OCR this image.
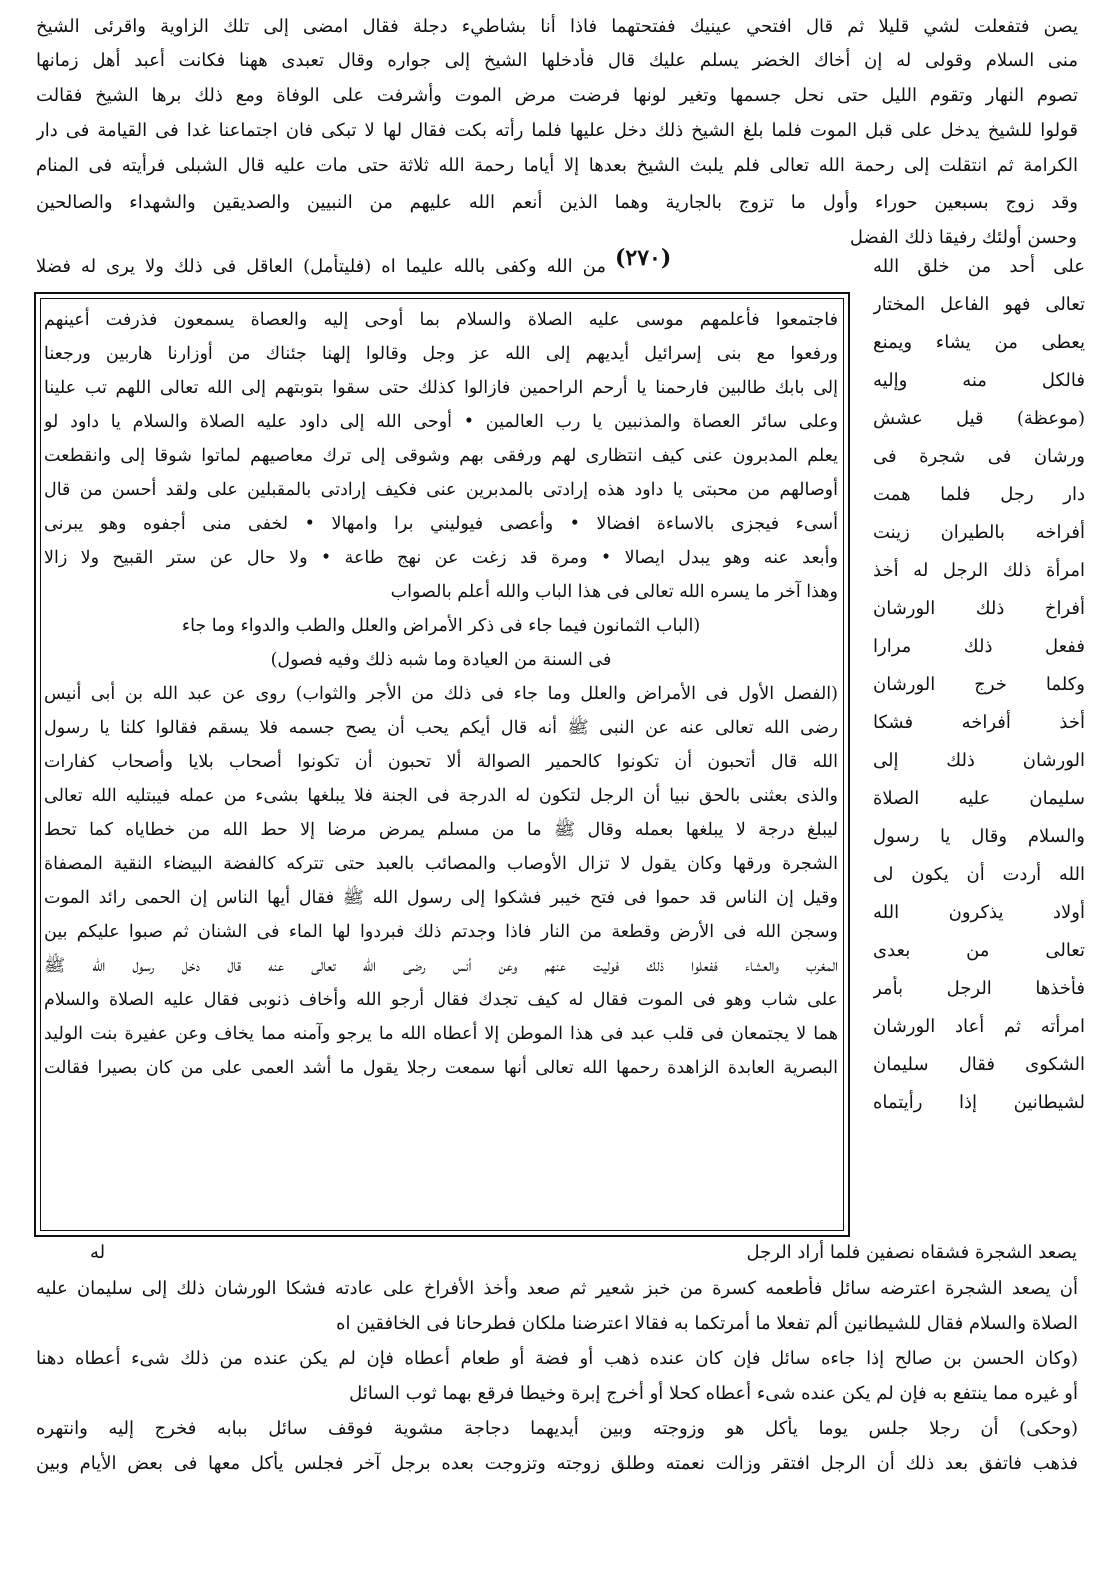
(٢٧٠)
يصن فتفعلت لشي قليلا ثم قال افتحي عينيك ففتحتهما فاذا أنا بشاطيء دجلة فقال امضى إلى تلك الزاوية واقرئى الشيخ
منى السلام وقولى له إن أخاك الخضر يسلم عليك قال فأدخلها الشيخ إلى جواره وقال تعبدى ههنا فكانت أعبد أهل زمانها
تصوم النهار وتقوم الليل حتى نحل جسمها وتغير لونها فرضت مرض الموت وأشرفت على الوفاة ومع ذلك برها الشيخ فقالت
قولوا للشيخ يدخل على قبل الموت فلما بلغ الشيخ ذلك دخل عليها فلما رأته بكت فقال لها لا تبكى فان اجتماعنا غدا فى القيامة فى دار
الكرامة ثم انتقلت إلى رحمة الله تعالى فلم يلبث الشيخ بعدها إلا أياما رحمة الله ثلاثة حتى مات عليه قال الشبلى فرأيته فى المنام
وقد زوج بسبعين حوراء وأول ما تزوج بالجارية وهما الذين أنعم الله عليهم من النبيين والصديقين والشهداء والصالحين
وحسن أولئك رفيقا ذلك الفضل
من الله وكفى بالله عليما اه (فليتأمل) العاقل فى ذلك ولا يرى له فضلا
فاجتمعوا فأعلمهم موسى عليه الصلاة والسلام بما أوحى إليه والعصاة يسمعون فذرفت أعينهم
ورفعوا مع بنى إسرائيل أيديهم إلى الله عز وجل وقالوا إلهنا جئناك من أوزارنا هاربين ورجعنا
إلى بابك طالبين فارحمنا يا أرحم الراحمين فازالوا كذلك حتى سقوا بتوبتهم إلى الله تعالى اللهم تب علينا
وعلى سائر العصاة والمذنبين يا رب العالمين • أوحى الله إلى داود عليه الصلاة والسلام يا داود لو
يعلم المدبرون عنى كيف انتظارى لهم ورفقى بهم وشوقى إلى ترك معاصيهم لماتوا شوقا إلى وانقطعت
أوصالهم من محبتى يا داود هذه إرادتى بالمدبرين عنى فكيف إرادتى بالمقبلين على ولقد أحسن من قال
أسىء فيجزى بالاساءة افضالا • وأعصى فيوليني برا وامهالا • لخفى منى أجفوه وهو يبرنى
وأبعد عنه وهو يبدل ايصالا • ومرة قد زغت عن نهج طاعة • ولا حال عن ستر القبيح ولا زالا
وهذا آخر ما يسره الله تعالى فى هذا الباب والله أعلم بالصواب
(الباب الثمانون فيما جاء فى ذكر الأمراض والعلل والطب والدواء وما جاء
فى السنة من العيادة وما شبه ذلك وفيه فصول)
(الفصل الأول فى الأمراض والعلل وما جاء فى ذلك من الأجر والثواب) روى عن عبد الله بن أبى أنيس
رضى الله تعالى عنه عن النبى ﷺ أنه قال أيكم يحب أن يصح جسمه فلا يسقم فقالوا كلنا يا رسول
الله قال أتحبون أن تكونوا كالحمير الصوالة ألا تحبون أن تكونوا أصحاب بلايا وأصحاب كفارات
والذى بعثنى بالحق نبيا أن الرجل لتكون له الدرجة فى الجنة فلا يبلغها بشىء من عمله فيبتليه الله تعالى
ليبلغ درجة لا يبلغها بعمله وقال ﷺ ما من مسلم يمرض مرضا إلا حط الله من خطاياه كما تحط
الشجرة ورقها وكان يقول لا تزال الأوصاب والمصائب بالعبد حتى تتركه كالفضة البيضاء النقية المصفاة
وقيل إن الناس قد حموا فى فتح خيبر فشكوا إلى رسول الله ﷺ فقال أيها الناس إن الحمى رائد الموت
وسجن الله فى الأرض وقطعة من النار فاذا وجدتم ذلك فبردوا لها الماء فى الشنان ثم صبوا عليكم بين
المغرب والعشاء ففعلوا ذلك فوليت عنهم وعن أنس رضى الله تعالى عنه قال دخل رسول الله ﷺ
على شاب وهو فى الموت فقال له كيف تجدك فقال أرجو الله وأخاف ذنوبى فقال عليه الصلاة والسلام
هما لا يجتمعان فى قلب عبد فى هذا الموطن إلا أعطاه الله ما يرجو وآمنه مما يخاف وعن عفيرة بنت الوليد
البصرية العابدة الزاهدة رحمها الله تعالى أنها سمعت رجلا يقول ما أشد العمى على من كان بصيرا فقالت
على أحد من خلق الله
تعالى فهو الفاعل المختار
يعطى من يشاء ويمنع
فالكل منه وإليه
(موعظة) قيل عشش
ورشان فى شجرة فى
دار رجل فلما همت
أفراخه بالطيران زينت
امرأة ذلك الرجل له أخذ
أفراخ ذلك الورشان
ففعل ذلك مرارا
وكلما خرج الورشان
أخذ أفراخه فشكا
الورشان ذلك إلى
سليمان عليه الصلاة
والسلام وقال يا رسول
الله أردت أن يكون لى
أولاد يذكرون الله
تعالى من بعدى
فأخذها الرجل بأمر
امرأته ثم أعاد الورشان
الشكوى فقال سليمان
لشيطانين إذا رأيتماه
يصعد الشجرة فشقاه نصفين فلما أراد الرجل
له
أن يصعد الشجرة اعترضه سائل فأطعمه كسرة من خبز شعير ثم صعد وأخذ الأفراخ على عادته فشكا الورشان ذلك إلى سليمان عليه
الصلاة والسلام فقال للشيطانين ألم تفعلا ما أمرتكما به فقالا اعترضنا ملكان فطرحانا فى الخافقين اه
(وكان الحسن بن صالح إذا جاءه سائل فإن كان عنده ذهب أو فضة أو طعام أعطاه فإن لم يكن عنده من ذلك شىء أعطاه دهنا
أو غيره مما ينتفع به فإن لم يكن عنده شىء أعطاه كحلا أو أخرج إبرة وخيطا فرقع بهما ثوب السائل
(وحكى) أن رجلا جلس يوما يأكل هو وزوجته وبين أيديهما دجاجة مشوية فوقف سائل ببابه فخرج إليه وانتهره
فذهب فاتفق بعد ذلك أن الرجل افتقر وزالت نعمته وطلق زوجته وتزوجت بعده برجل آخر فجلس يأكل معها فى بعض الأيام وبين
